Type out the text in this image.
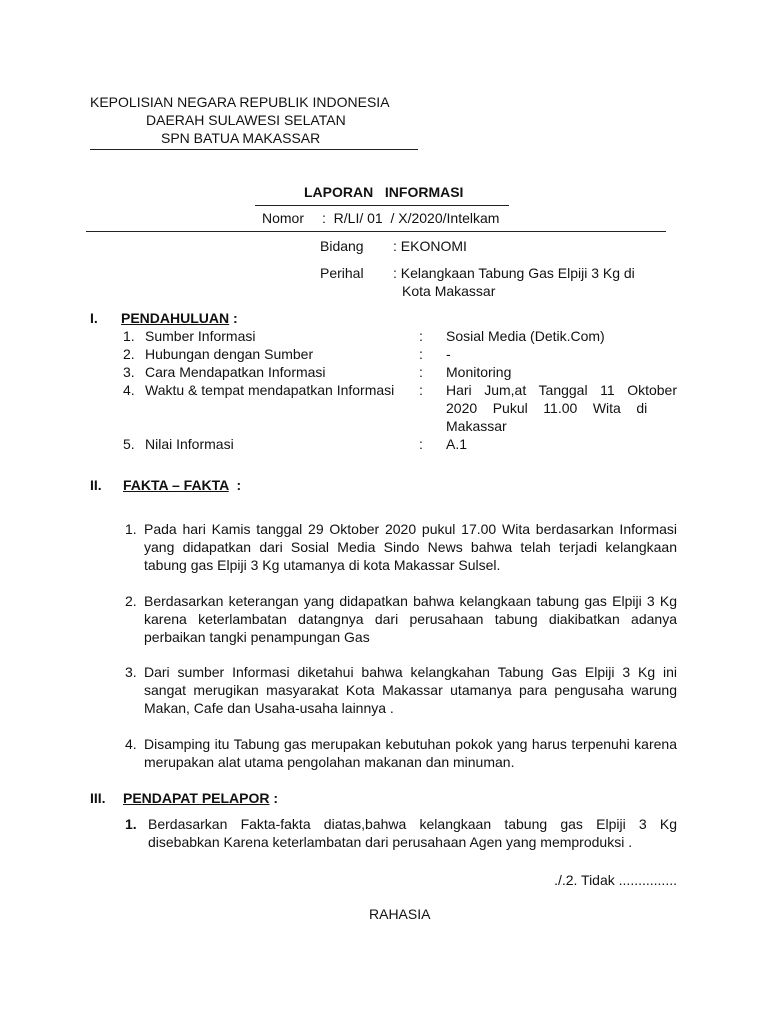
KEPOLISIAN NEGARA REPUBLIK INDONESIA
DAERAH SULAWESI SELATAN
SPN BATUA MAKASSAR
LAPORAN   INFORMASI
Nomor :  R/LI/ 01  / X/2020/Intelkam
Bidang : EKONOMI
Perihal : Kelangkaan Tabung Gas Elpiji 3 Kg di
Kota Makassar
I. PENDAHULUAN :
1. Sumber Informasi	: Sosial Media (Detik.Com)
2. Hubungan dengan Sumber	: -
3. Cara Mendapatkan Informasi	: Monitoring
4. Waktu & tempat mendapatkan Informasi : Hari  Jum,at  Tanggal  11  Oktober
2020    Pukul    11.00    Wita    di
Makassar
5. Nilai Informasi	: A.1
II. FAKTA – FAKTA  :
1. Pada hari Kamis tanggal 29 Oktober 2020 pukul 17.00 Wita berdasarkan Informasi yang didapatkan dari Sosial Media Sindo News bahwa telah terjadi kelangkaan tabung gas Elpiji 3 Kg utamanya di kota Makassar Sulsel.
2. Berdasarkan keterangan yang didapatkan bahwa kelangkaan tabung gas Elpiji 3 Kg karena keterlambatan datangnya dari perusahaan tabung diakibatkan adanya perbaikan tangki penampungan Gas
3. Dari sumber Informasi diketahui bahwa kelangkahan Tabung Gas Elpiji 3 Kg ini sangat merugikan masyarakat Kota Makassar utamanya para pengusaha warung Makan, Cafe dan Usaha-usaha lainnya .
4. Disamping itu Tabung gas merupakan kebutuhan pokok yang harus terpenuhi karena merupakan alat utama pengolahan makanan dan minuman.
III. PENDAPAT PELAPOR :
1. Berdasarkan Fakta-fakta diatas,bahwa kelangkaan tabung gas Elpiji 3 Kg disebabkan Karena keterlambatan dari perusahaan Agen yang memproduksi .
./.2. Tidak ...............
RAHASIA
